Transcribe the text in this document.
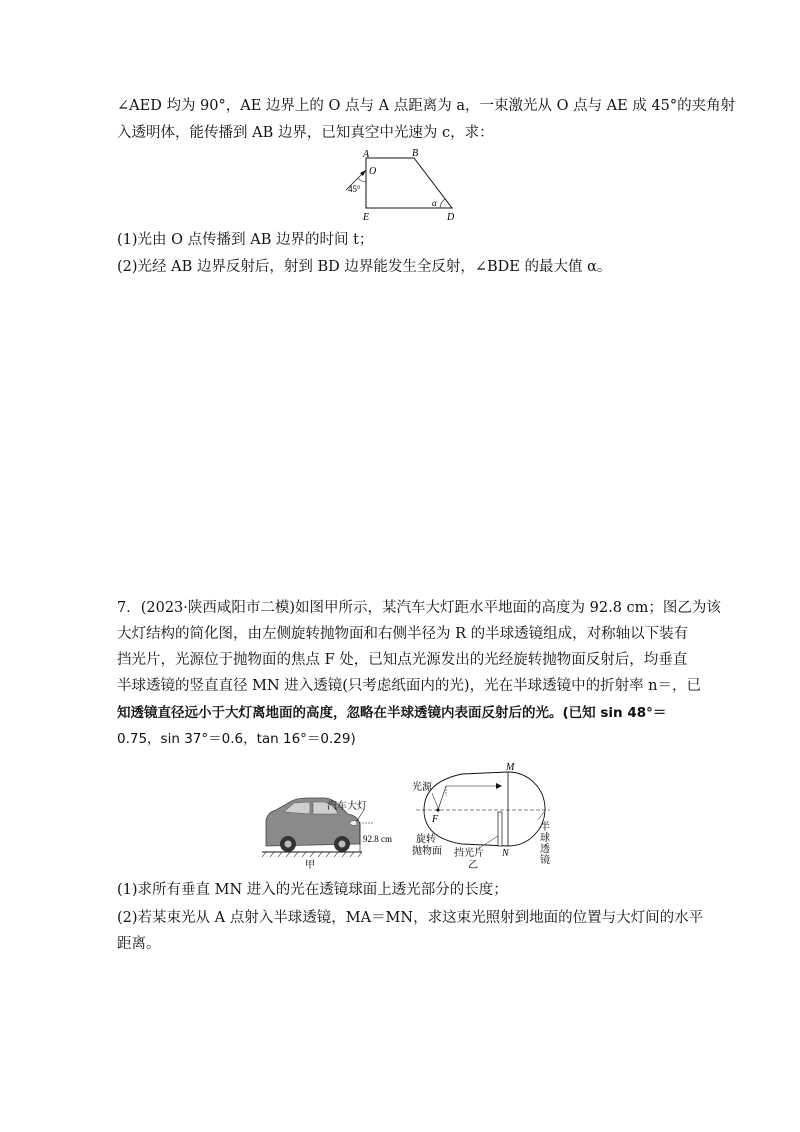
∠AED 均为 90°，AE 边界上的 O 点与 A 点距离为 a，一束激光从 O 点与 AE 成 45°的夹角射
入透明体，能传播到 AB 边界，已知真空中光速为 c，求：
A	B
O
45°
E
α
D
(1)光由 O 点传播到 AB 边界的时间 t；
(2)光经 AB 边界反射后，射到 BD 边界能发生全反射，∠BDE 的最大值 α。
7．(2023·陕西咸阳市二模)如图甲所示，某汽车大灯距水平地面的高度为 92.8 cm；图乙为该
大灯结构的简化图，由左侧旋转抛物面和右侧半径为 R 的半球透镜组成，对称轴以下装有
挡光片，光源位于抛物面的焦点 F 处，已知点光源发出的光经旋转抛物面反射后，均垂直
半球透镜的竖直直径 MN 进入透镜(只考虑纸面内的光)，光在半球透镜中的折射率 n＝，已
知透镜直径远小于大灯离地面的高度，忽略在半球透镜内表面反射后的光。(已知 sin 48°＝
0.75，sin 37°＝0.6，tan 16°＝0.29)
汽车大灯
92.8 cm
甲
M
光源
F
旋转
抛物面 挡光片 N
乙
半
球
透
镜
(1)求所有垂直 MN 进入的光在透镜球面上透光部分的长度；
(2)若某束光从 A 点射入半球透镜，MA＝MN，求这束光照射到地面的位置与大灯间的水平
距离。
